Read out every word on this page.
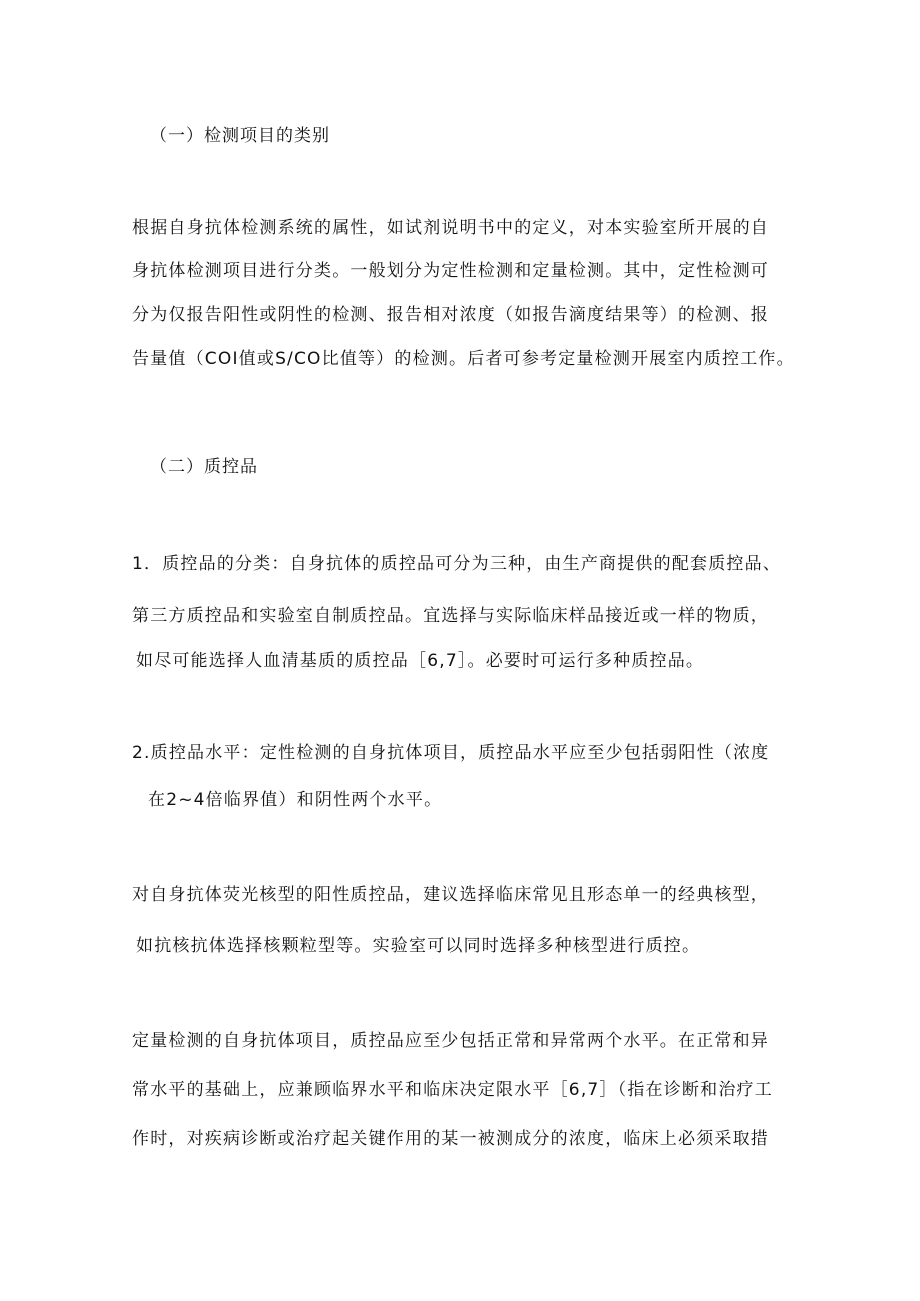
（一）检测项目的类别
根据自身抗体检测系统的属性，如试剂说明书中的定义，对本实验室所开展的自
身抗体检测项目进行分类。一般划分为定性检测和定量检测。其中，定性检测可
分为仅报告阳性或阴性的检测、报告相对浓度（如报告滴度结果等）的检测、报
告量值（COI值或S/CO比值等）的检测。后者可参考定量检测开展室内质控工作。
（二）质控品
1．质控品的分类：自身抗体的质控品可分为三种，由生产商提供的配套质控品、
第三方质控品和实验室自制质控品。宜选择与实际临床样品接近或一样的物质，
如尽可能选择人血清基质的质控品［6,7］。必要时可运行多种质控品。
2.质控品水平：定性检测的自身抗体项目，质控品水平应至少包括弱阳性（浓度
在2~4倍临界值）和阴性两个水平。
对自身抗体荧光核型的阳性质控品，建议选择临床常见且形态单一的经典核型，
如抗核抗体选择核颗粒型等。实验室可以同时选择多种核型进行质控。
定量检测的自身抗体项目，质控品应至少包括正常和异常两个水平。在正常和异
常水平的基础上，应兼顾临界水平和临床决定限水平［6,7］（指在诊断和治疗工
作时，对疾病诊断或治疗起关键作用的某一被测成分的浓度，临床上必须采取措
